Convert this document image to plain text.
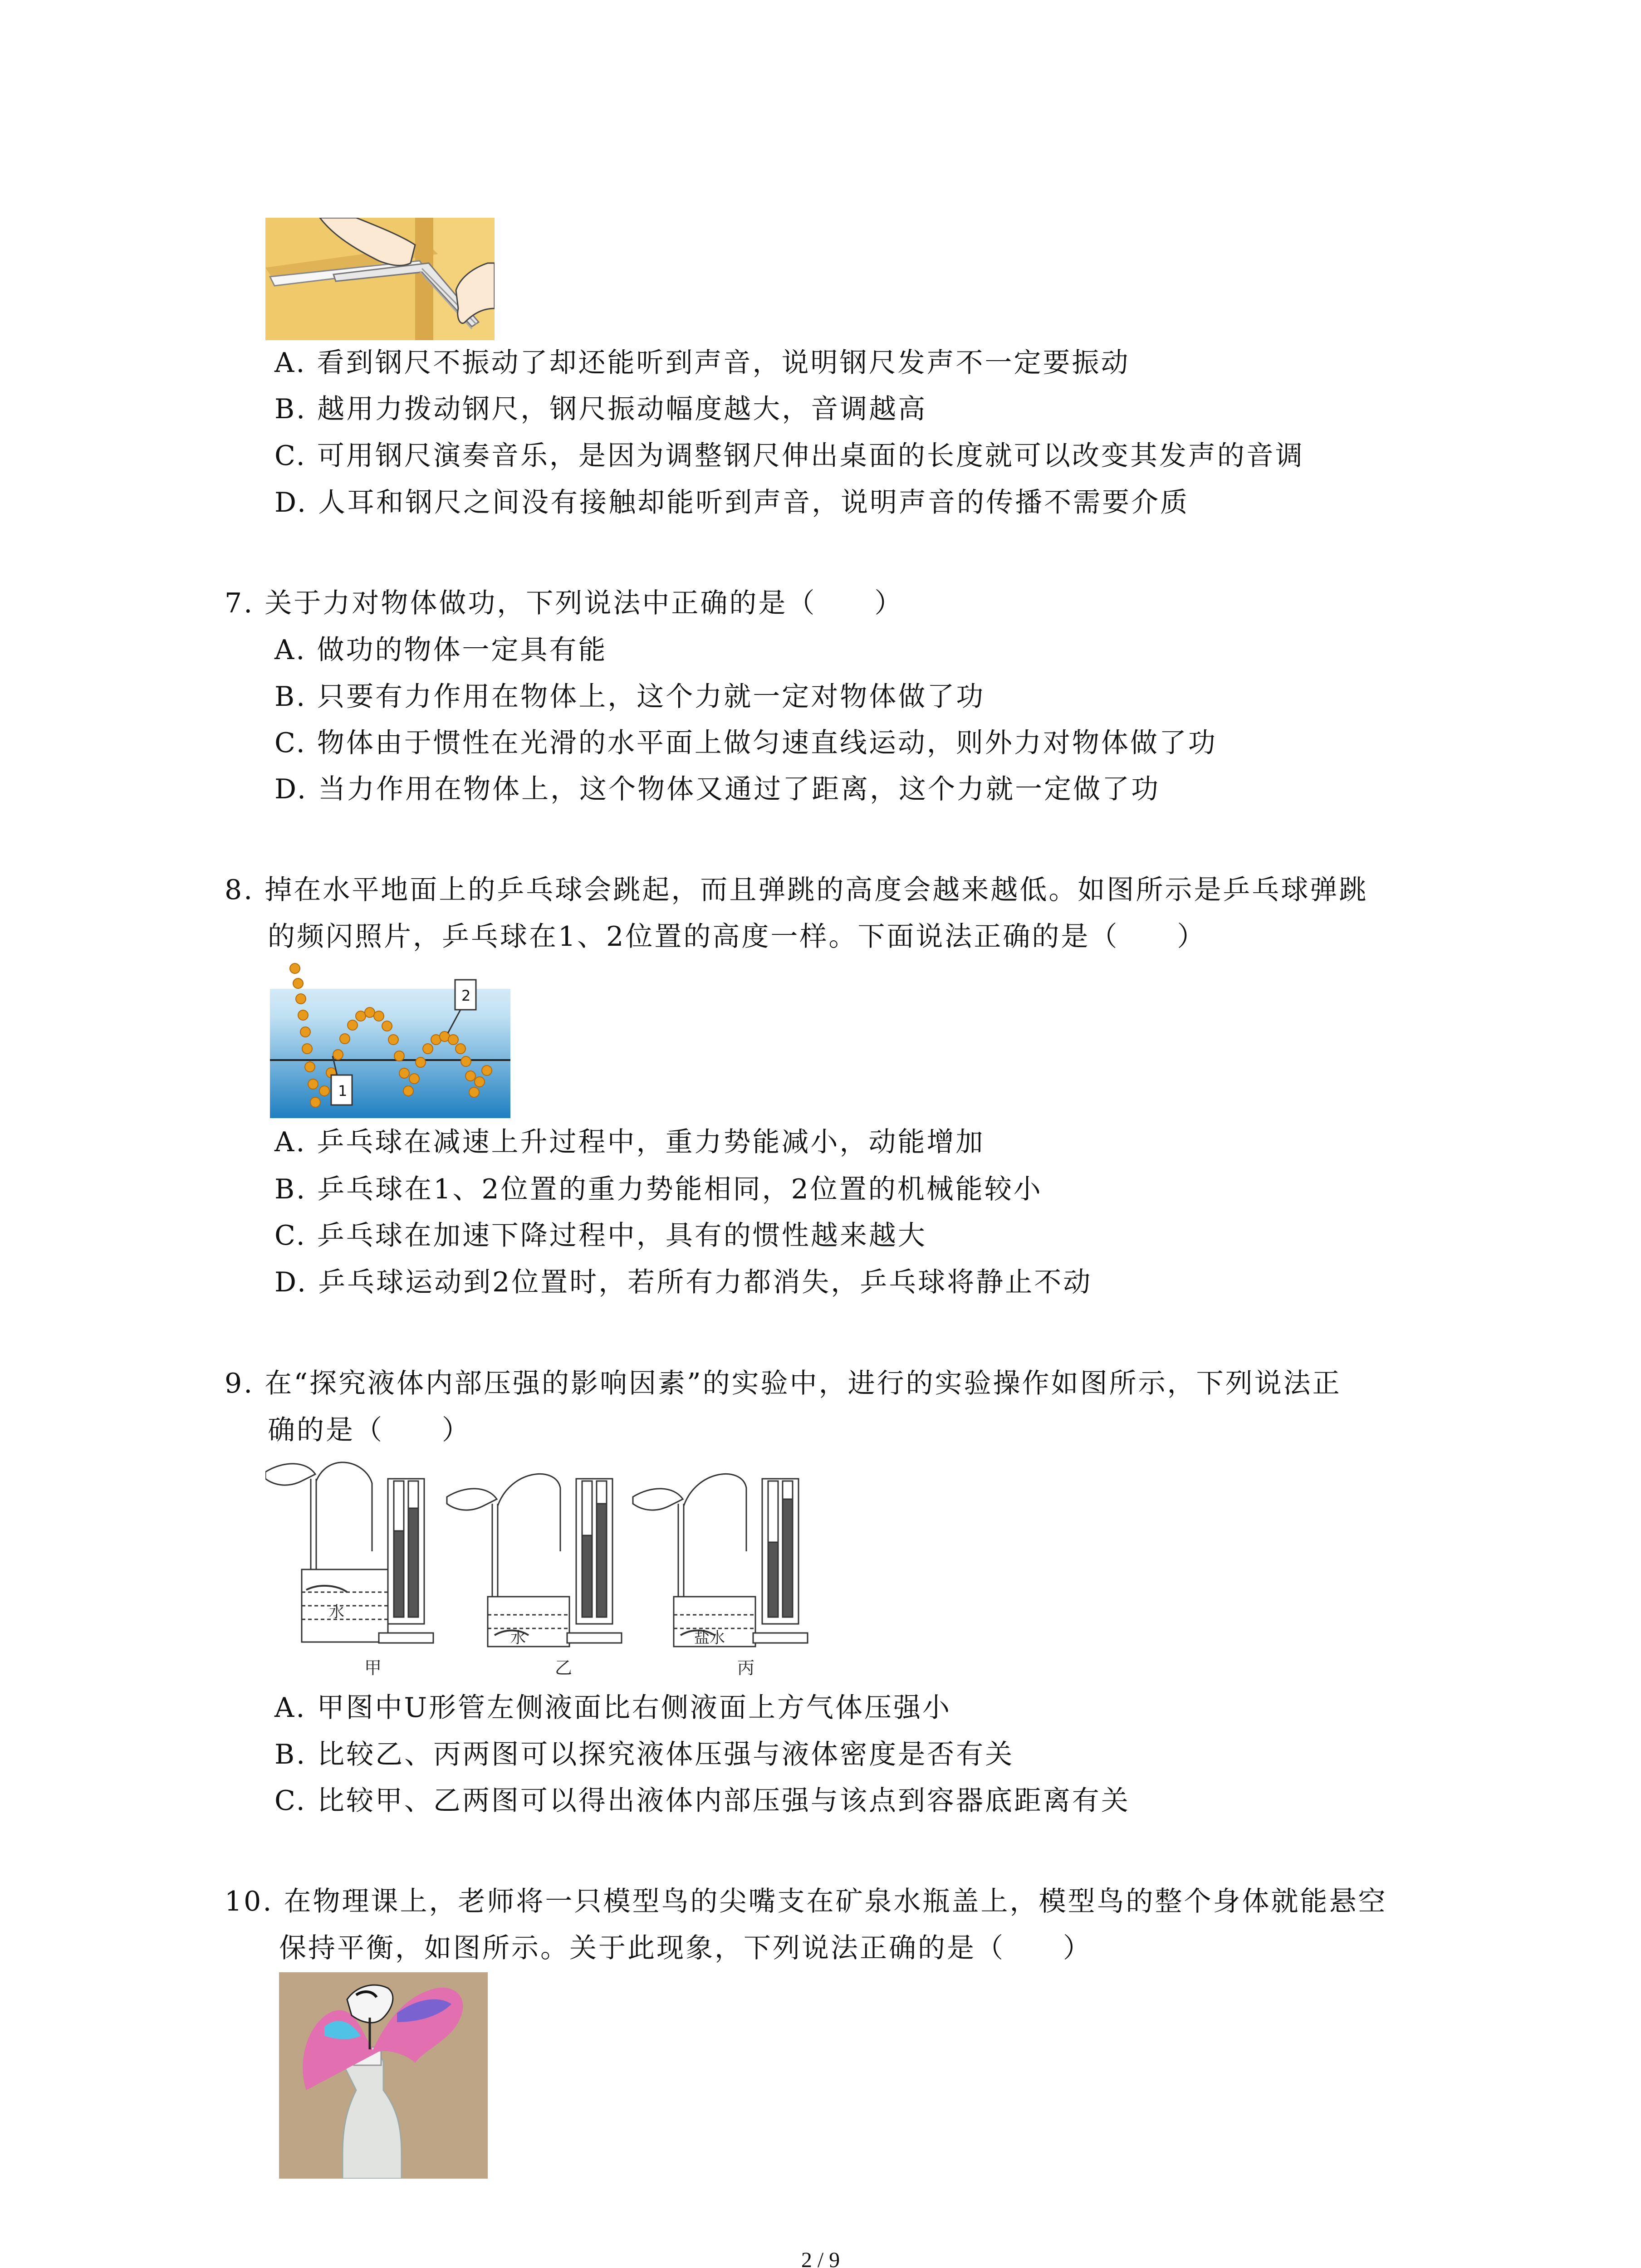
A. 看到钢尺不振动了却还能听到声音，说明钢尺发声不一定要振动
B. 越用力拨动钢尺，钢尺振动幅度越大，音调越高
C. 可用钢尺演奏音乐，是因为调整钢尺伸出桌面的长度就可以改变其发声的音调
D. 人耳和钢尺之间没有接触却能听到声音，说明声音的传播不需要介质
7. 关于力对物体做功，下列说法中正确的是（　　）
A. 做功的物体一定具有能
B. 只要有力作用在物体上，这个力就一定对物体做了功
C. 物体由于惯性在光滑的水平面上做匀速直线运动，则外力对物体做了功
D. 当力作用在物体上，这个物体又通过了距离，这个力就一定做了功
8. 掉在水平地面上的乒乓球会跳起，而且弹跳的高度会越来越低。如图所示是乒乓球弹跳
的频闪照片，乒乓球在1、2位置的高度一样。下面说法正确的是（　　）
2
1
A. 乒乓球在减速上升过程中，重力势能减小，动能增加
B. 乒乓球在1、2位置的重力势能相同，2位置的机械能较小
C. 乒乓球在加速下降过程中，具有的惯性越来越大
D. 乒乓球运动到2位置时，若所有力都消失，乒乓球将静止不动
9. 在“探究液体内部压强的影响因素”的实验中，进行的实验操作如图所示，下列说法正
确的是（　　）
水
水	盐水
甲	乙	丙
A. 甲图中U形管左侧液面比右侧液面上方气体压强小
B. 比较乙、丙两图可以探究液体压强与液体密度是否有关
C. 比较甲、乙两图可以得出液体内部压强与该点到容器底距离有关
10. 在物理课上，老师将一只模型鸟的尖嘴支在矿泉水瓶盖上，模型鸟的整个身体就能悬空
保持平衡，如图所示。关于此现象，下列说法正确的是（　　）
2 / 9
